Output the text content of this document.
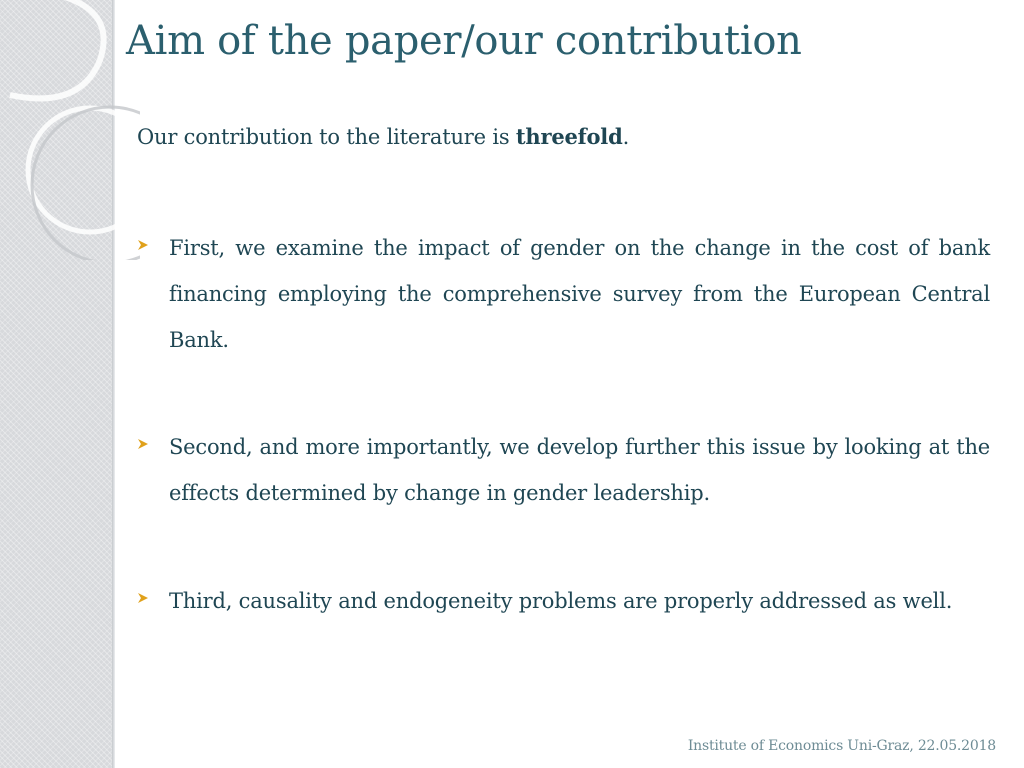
Aim of the paper/our contribution

Our contribution to the literature is threefold.

First, we examine the impact of gender on the change in the cost of bank financing employing the comprehensive survey from the European Central Bank.
Second, and more importantly, we develop further this issue by looking at the effects determined by change in gender leadership.
Third, causality and endogeneity problems are properly addressed as well.
Institute of Economics Uni-Graz, 22.05.2018
